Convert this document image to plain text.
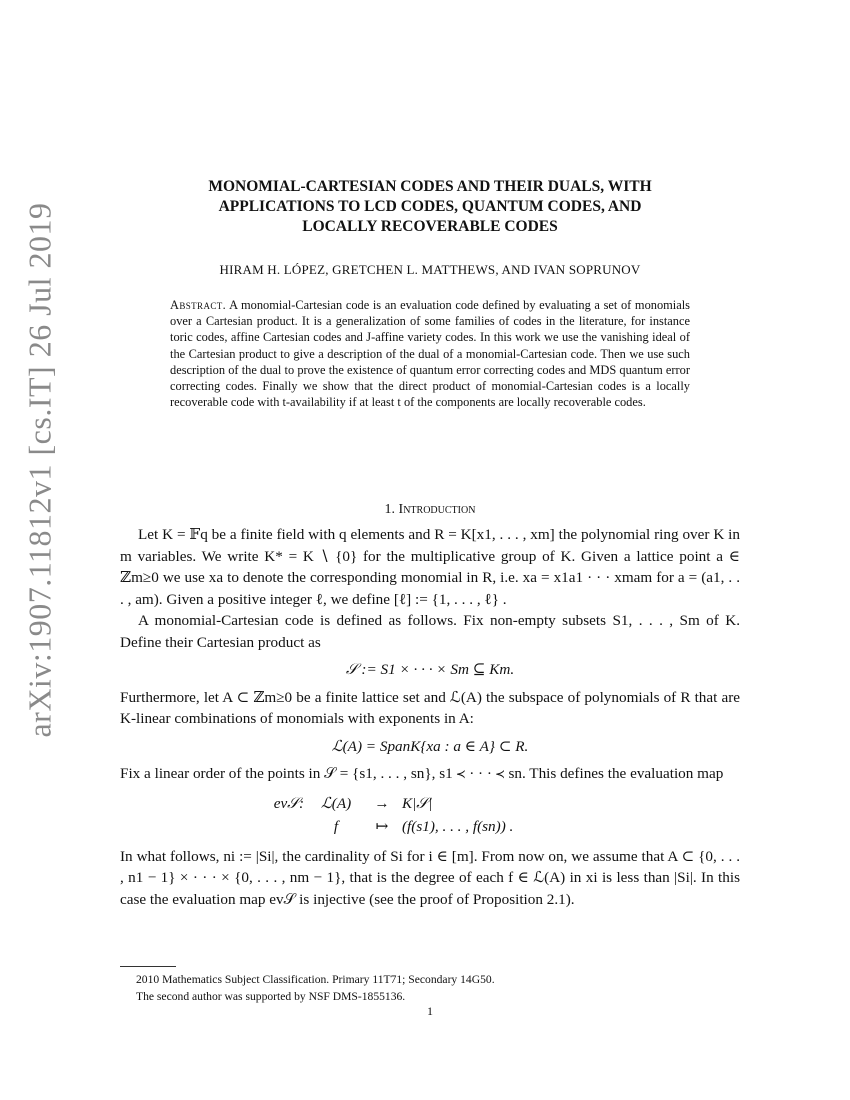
arXiv:1907.11812v1 [cs.IT] 26 Jul 2019
MONOMIAL-CARTESIAN CODES AND THEIR DUALS, WITH
APPLICATIONS TO LCD CODES, QUANTUM CODES, AND
LOCALLY RECOVERABLE CODES
HIRAM H. LÓPEZ, GRETCHEN L. MATTHEWS, AND IVAN SOPRUNOV
Abstract. A monomial-Cartesian code is an evaluation code defined by evaluating a set of monomials over a Cartesian product. It is a generalization of some families of codes in the literature, for instance toric codes, affine Cartesian codes and J-affine variety codes. In this work we use the vanishing ideal of the Cartesian product to give a description of the dual of a monomial-Cartesian code. Then we use such description of the dual to prove the existence of quantum error correcting codes and MDS quantum error correcting codes. Finally we show that the direct product of monomial-Cartesian codes is a locally recoverable code with t-availability if at least t of the components are locally recoverable codes.
1. Introduction

Let K = 𝔽q be a finite field with q elements and R = K[x1, . . . , xm] the polynomial ring over K in m variables. We write K* = K ∖ {0} for the multiplicative group of K. Given a lattice point a ∈ ℤm≥0 we use xa to denote the corresponding monomial in R, i.e. xa = x1a1 · · · xmam for a = (a1, . . . , am). Given a positive integer ℓ, we define [ℓ] := {1, . . . , ℓ} .

A monomial-Cartesian code is defined as follows. Fix non-empty subsets S1, . . . , Sm of K. Define their Cartesian product as

𝒮 := S1 × · · · × Sm ⊆ Km.

Furthermore, let A ⊂ ℤm≥0 be a finite lattice set and ℒ(A) the subspace of polynomials of R that are K-linear combinations of monomials with exponents in A:

ℒ(A) = SpanK{xa : a ∈ A} ⊂ R.

Fix a linear order of the points in 𝒮 = {s1, . . . , sn}, s1 ≺ · · · ≺ sn. This defines the evaluation map

ev𝒮:	ℒ(A)	→ K|𝒮|
f	↦ (f(s1), . . . , f(sn)) .

In what follows, ni := |Si|, the cardinality of Si for i ∈ [m]. From now on, we assume that A ⊂ {0, . . . , n1 − 1} × · · · × {0, . . . , nm − 1}, that is the degree of each f ∈ ℒ(A) in xi is less than |Si|. In this case the evaluation map ev𝒮 is injective (see the proof of Proposition 2.1).

2010 Mathematics Subject Classification. Primary 11T71; Secondary 14G50.

The second author was supported by NSF DMS-1855136.

1
